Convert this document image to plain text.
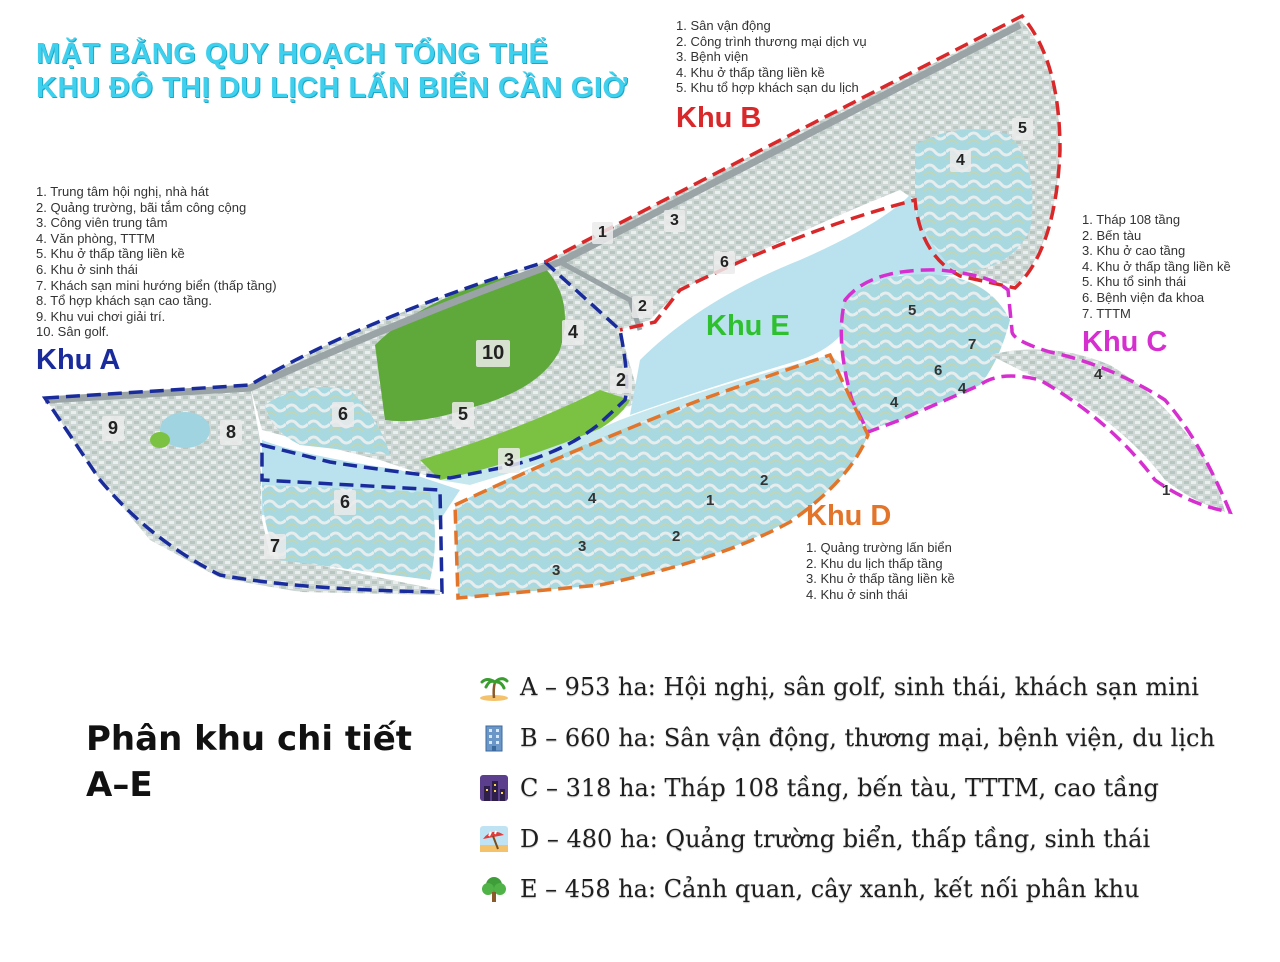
MẶT BẰNG QUY HOẠCH TỔNG THỂ
KHU ĐÔ THỊ DU LỊCH LẤN BIỂN CẦN GIỜ
Khu A
Khu B
Khu C
Khu D
Khu E
1. Trung tâm hội nghị, nhà hát
2. Quảng trường, bãi tắm công cộng
3. Công viên trung tâm
4. Văn phòng, TTTM
5. Khu ở thấp tầng liền kề
6. Khu ở sinh thái
7. Khách sạn mini hướng biển (thấp tầng)
8. Tổ hợp khách sạn cao tầng.
9. Khu vui chơi giải trí.
10. Sân golf.
1. Sân vận động
2. Công trình thương mại dịch vụ
3. Bệnh viện
4. Khu ở thấp tầng liền kề
5. Khu tổ hợp khách sạn du lịch
1. Tháp 108 tầng
2. Bến tàu
3. Khu ở cao tầng
4. Khu ở thấp tầng liền kề
5. Khu tổ sinh thái
6. Bệnh viện đa khoa
7. TTTM
1. Quảng trường lấn biển
2. Khu du lịch thấp tầng
3. Khu ở thấp tầng liền kề
4. Khu ở sinh thái
10
9	8
6
6
7
5
4
3
2
1
2
3
6
4
5
5
7
6
4
4
4
1
1
2
2
3
3
4
Phân khu chi tiết A–E
A – 953 ha: Hội nghị, sân golf, sinh thái, khách sạn mini
B – 660 ha: Sân vận động, thương mại, bệnh viện, du lịch
C – 318 ha: Tháp 108 tầng, bến tàu, TTTM, cao tầng
D – 480 ha: Quảng trường biển, thấp tầng, sinh thái
E – 458 ha: Cảnh quan, cây xanh, kết nối phân khu
